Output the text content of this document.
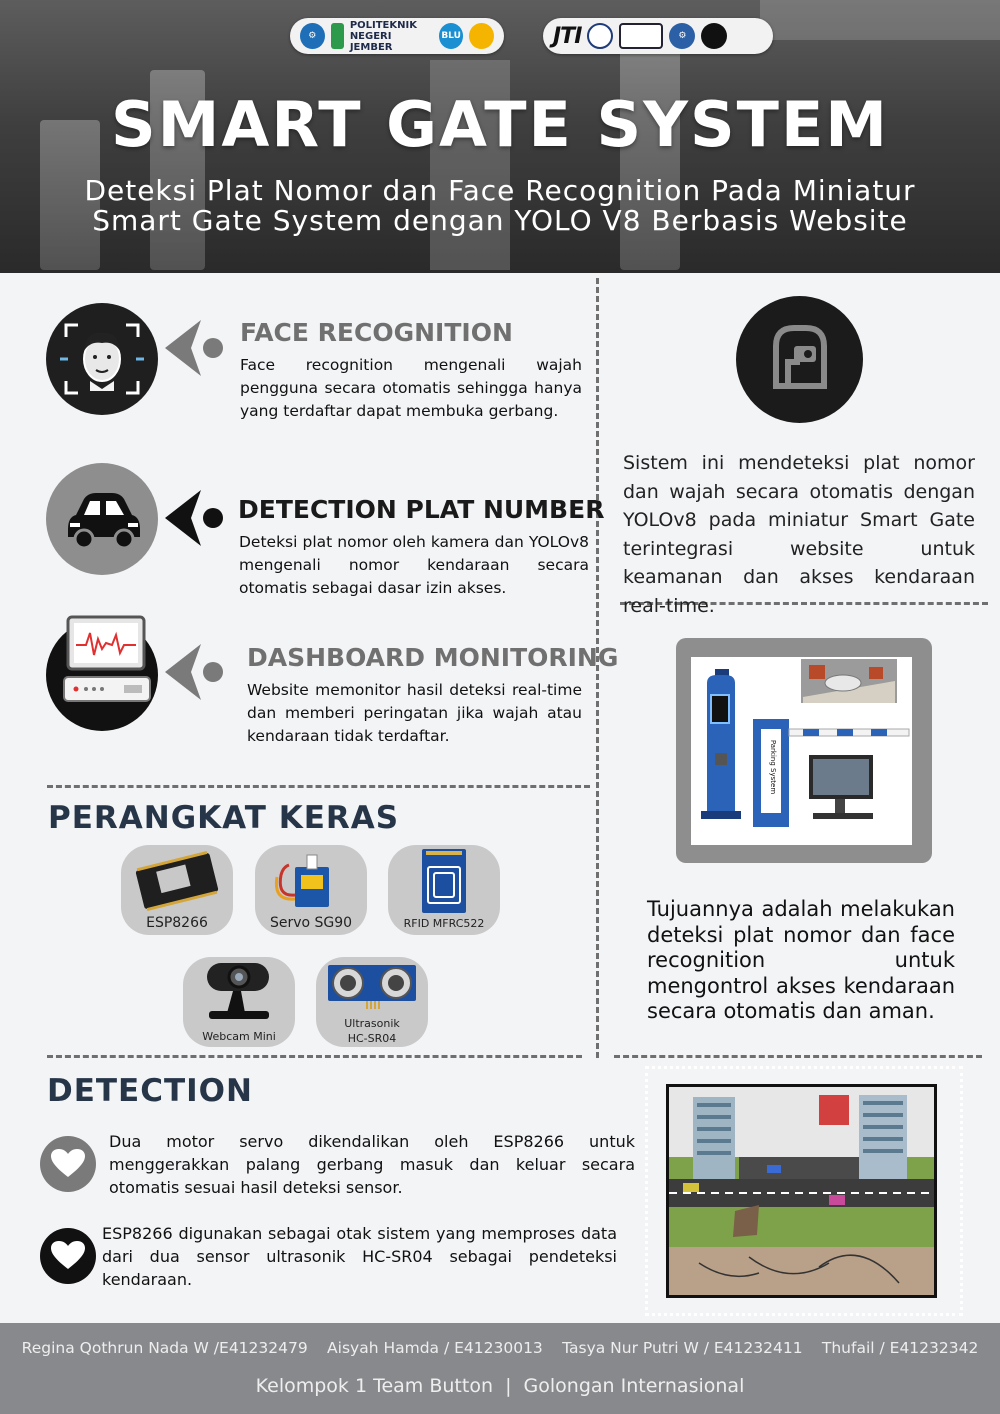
⚙
POLITEKNIK
NEGERI JEMBER
BLU	JTI	⚙
SMART GATE SYSTEM
Deteksi Plat Nomor dan Face Recognition Pada Miniatur
Smart Gate System dengan YOLO V8 Berbasis Website
FACE RECOGNITION
Face recognition mengenali wajah pengguna secara otomatis sehingga hanya yang terdaftar dapat membuka gerbang.
DETECTION PLAT NUMBER
Deteksi plat nomor oleh kamera dan YOLOv8 mengenali nomor kendaraan secara otomatis sebagai dasar izin akses.
DASHBOARD MONITORING
Website memonitor hasil deteksi real-time dan memberi peringatan jika wajah atau kendaraan tidak terdaftar.
PERANGKAT KERAS
ESP8266	Servo SG90	RFID MFRC522
Webcam Mini
Ultrasonik
HC-SR04
DETECTION
Dua motor servo dikendalikan oleh ESP8266 untuk menggerakkan palang gerbang masuk dan keluar secara otomatis sesuai hasil deteksi sensor.
ESP8266 digunakan sebagai otak sistem yang memproses data dari dua sensor ultrasonik HC-SR04 sebagai pendeteksi kendaraan.
Sistem ini mendeteksi plat nomor dan wajah secara otomatis dengan YOLOv8 pada miniatur Smart Gate terintegrasi website untuk keamanan dan akses kendaraan real-time.
Parking System
Tujuannya adalah melakukan deteksi plat nomor dan face recognition untuk mengontrol akses kendaraan secara otomatis dan aman.
Regina Qothrun Nada W /E41232479 Aisyah Hamda / E41230013 Tasya Nur Putri W / E41232411 Thufail / E41232342
Kelompok 1 Team Button  |  Golongan Internasional
